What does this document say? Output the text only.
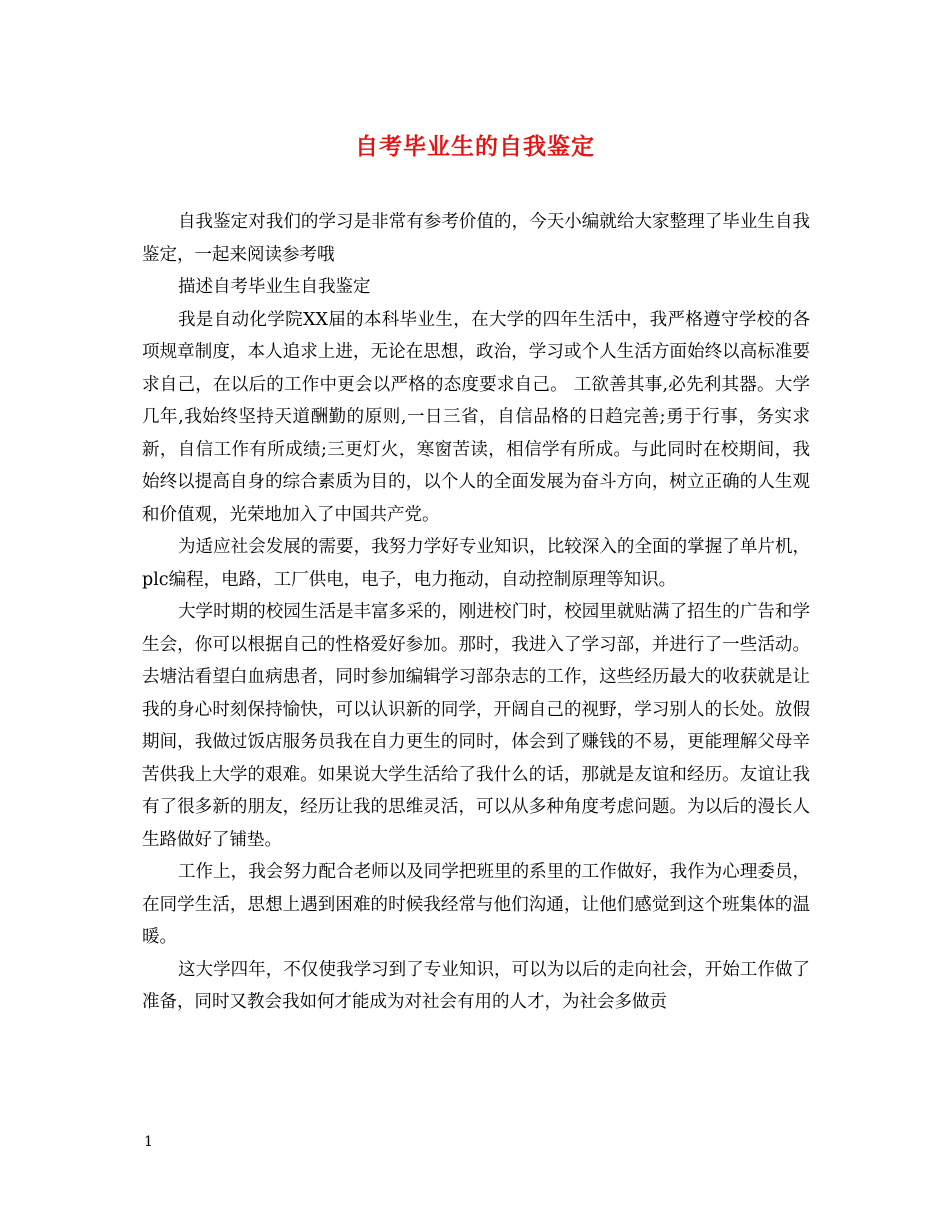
自考毕业生的自我鉴定

自我鉴定对我们的学习是非常有参考价值的，今天小编就给大家整理了毕业生自我鉴定，一起来阅读参考哦

描述自考毕业生自我鉴定

我是自动化学院XX届的本科毕业生，在大学的四年生活中，我严格遵守学校的各项规章制度，本人追求上进，无论在思想，政治，学习或个人生活方面始终以高标准要求自己，在以后的工作中更会以严格的态度要求自己。 工欲善其事,必先利其器。大学几年,我始终坚持天道酬勤的原则,一日三省，自信品格的日趋完善;勇于行事，务实求新，自信工作有所成绩;三更灯火，寒窗苦读，相信学有所成。与此同时在校期间，我始终以提高自身的综合素质为目的，以个人的全面发展为奋斗方向，树立正确的人生观和价值观，光荣地加入了中国共产党。

为适应社会发展的需要，我努力学好专业知识，比较深入的全面的掌握了单片机，plc编程，电路，工厂供电，电子，电力拖动，自动控制原理等知识。

大学时期的校园生活是丰富多采的，刚进校门时，校园里就贴满了招生的广告和学生会，你可以根据自己的性格爱好参加。那时，我进入了学习部，并进行了一些活动。去塘沽看望白血病患者，同时参加编辑学习部杂志的工作，这些经历最大的收获就是让我的身心时刻保持愉快，可以认识新的同学，开阔自己的视野，学习别人的长处。放假期间，我做过饭店服务员我在自力更生的同时，体会到了赚钱的不易，更能理解父母辛苦供我上大学的艰难。如果说大学生活给了我什么的话，那就是友谊和经历。友谊让我有了很多新的朋友，经历让我的思维灵活，可以从多种角度考虑问题。为以后的漫长人生路做好了铺垫。

工作上，我会努力配合老师以及同学把班里的系里的工作做好，我作为心理委员，在同学生活，思想上遇到困难的时候我经常与他们沟通，让他们感觉到这个班集体的温暖。

这大学四年，不仅使我学习到了专业知识，可以为以后的走向社会，开始工作做了准备，同时又教会我如何才能成为对社会有用的人才，为社会多做贡

1
